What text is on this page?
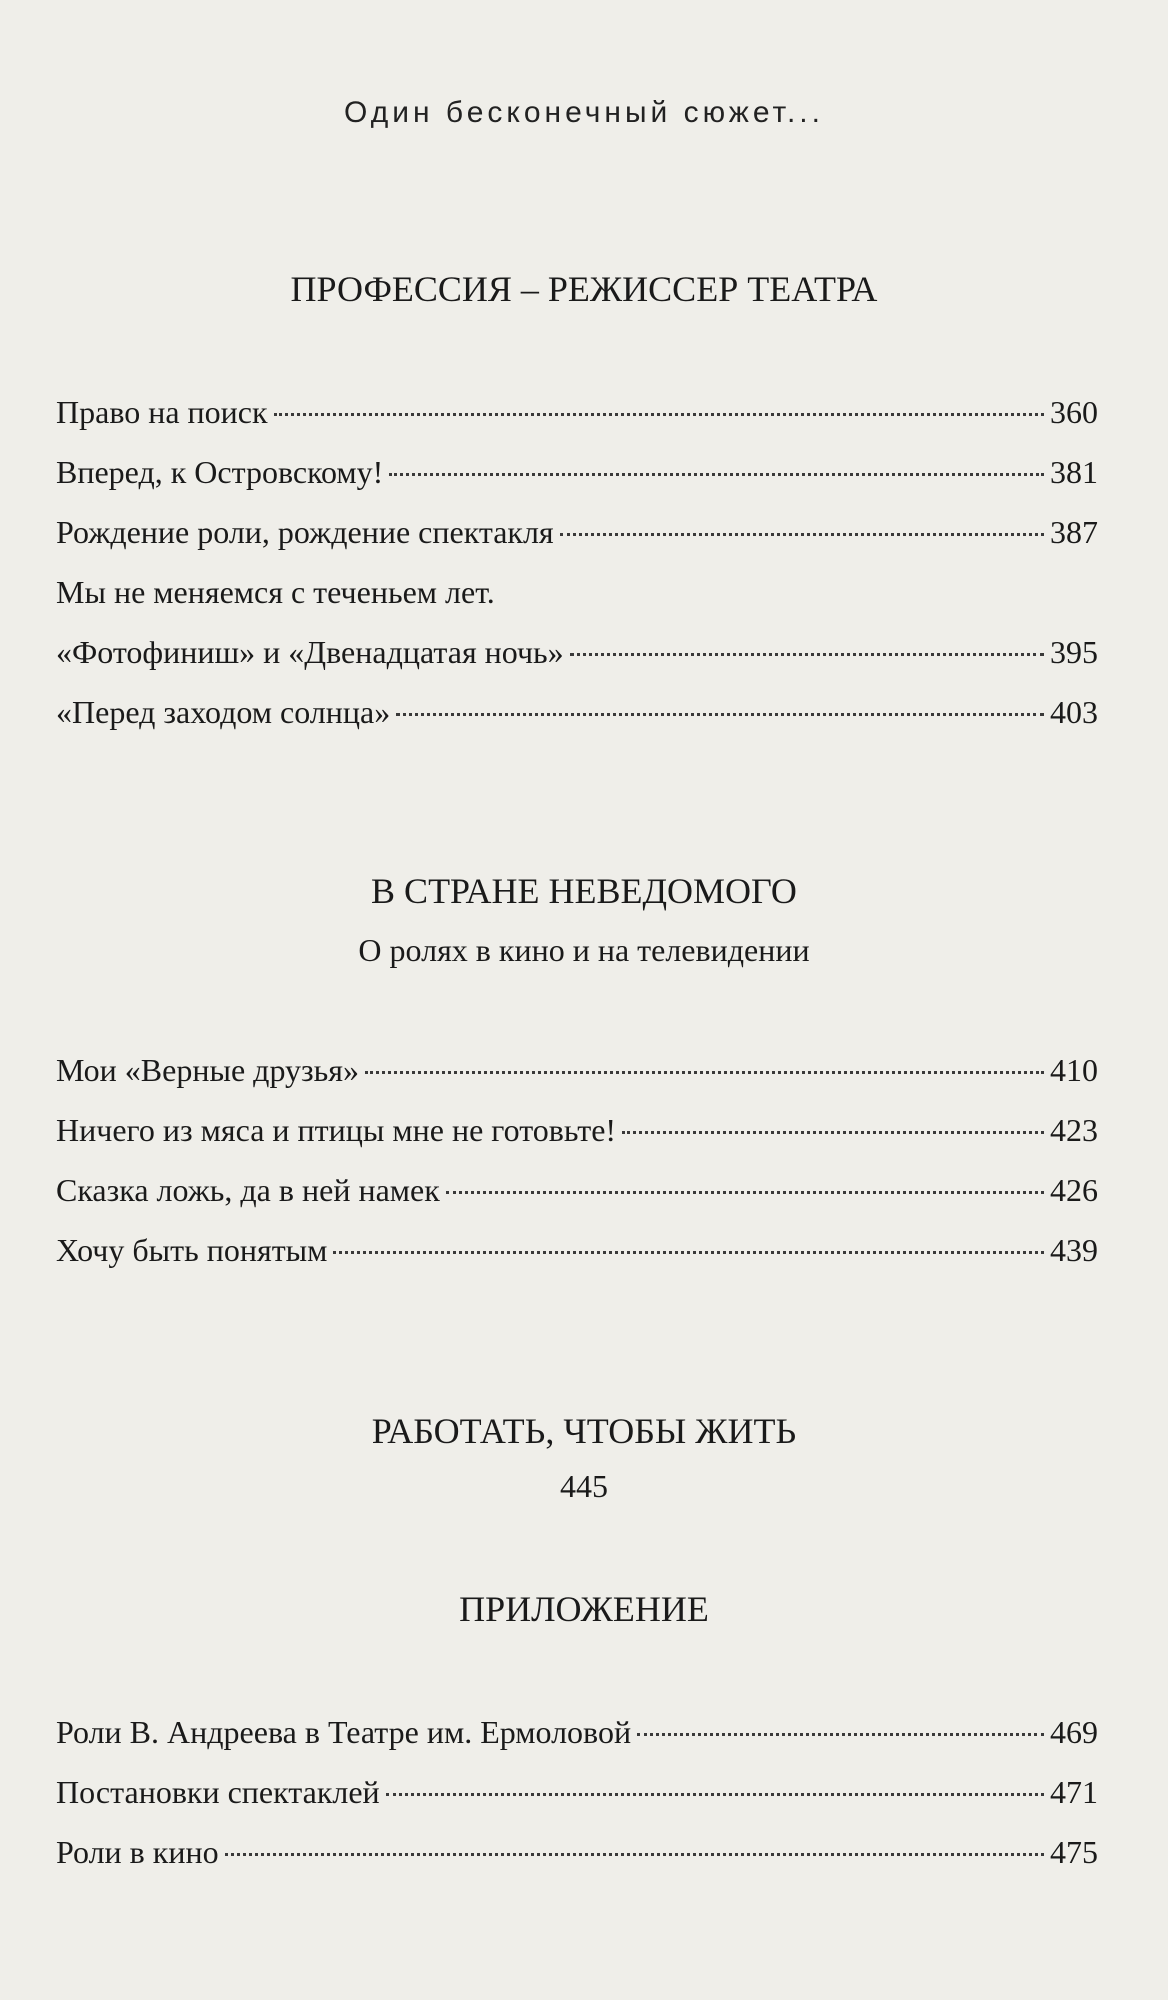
Один бесконечный сюжет...
ПРОФЕССИЯ – РЕЖИССЕР ТЕАТРА
Право на поиск	360
Вперед, к Островскому!	381
Рождение роли, рождение спектакля	387
Мы не меняемся с теченьем лет.
«Фотофиниш» и «Двенадцатая ночь»	395
«Перед заходом солнца»	403
В СТРАНЕ НЕВЕДОМОГО
О ролях в кино и на телевидении
Мои «Верные друзья»	410
Ничего из мяса и птицы мне не готовьте!	423
Сказка ложь, да в ней намек	426
Хочу быть понятым	439
РАБОТАТЬ, ЧТОБЫ ЖИТЬ
445
ПРИЛОЖЕНИЕ
Роли В. Андреева в Театре им. Ермоловой	469
Постановки спектаклей	471
Роли в кино	475
